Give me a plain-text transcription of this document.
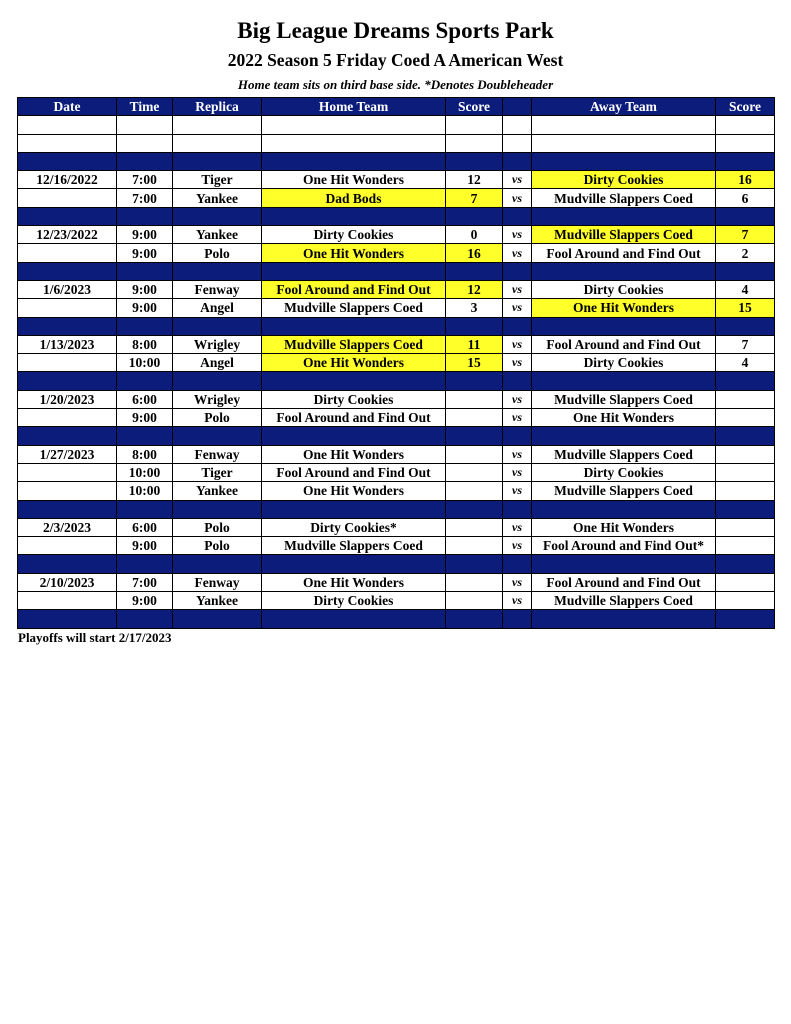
Big League Dreams Sports Park
2022 Season 5 Friday Coed A American West
Home team sits on third base side. *Denotes Doubleheader
Date	Time	Replica	Home Team	Score		Away Team	Score

12/16/2022	7:00	Tiger	One Hit Wonders	12	vs	Dirty Cookies	16
	7:00	Yankee	Dad Bods	7	vs	Mudville Slappers Coed	6

12/23/2022	9:00	Yankee	Dirty Cookies	0	vs	Mudville Slappers Coed	7
	9:00	Polo	One Hit Wonders	16	vs	Fool Around and Find Out	2

1/6/2023	9:00	Fenway	Fool Around and Find Out	12	vs	Dirty Cookies	4
	9:00	Angel	Mudville Slappers Coed	3	vs	One Hit Wonders	15

1/13/2023	8:00	Wrigley	Mudville Slappers Coed	11	vs	Fool Around and Find Out	7
	10:00	Angel	One Hit Wonders	15	vs	Dirty Cookies	4

1/20/2023	6:00	Wrigley	Dirty Cookies		vs	Mudville Slappers Coed	
	9:00	Polo	Fool Around and Find Out		vs	One Hit Wonders	

1/27/2023	8:00	Fenway	One Hit Wonders		vs	Mudville Slappers Coed	
	10:00	Tiger	Fool Around and Find Out		vs	Dirty Cookies	
	10:00	Yankee	One Hit Wonders		vs	Mudville Slappers Coed	

2/3/2023	6:00	Polo	Dirty Cookies*		vs	One Hit Wonders	
	9:00	Polo	Mudville Slappers Coed		vs	Fool Around and Find Out*	

2/10/2023	7:00	Fenway	One Hit Wonders		vs	Fool Around and Find Out	
	9:00	Yankee	Dirty Cookies		vs	Mudville Slappers Coed	

Playoffs will start 2/17/2023
